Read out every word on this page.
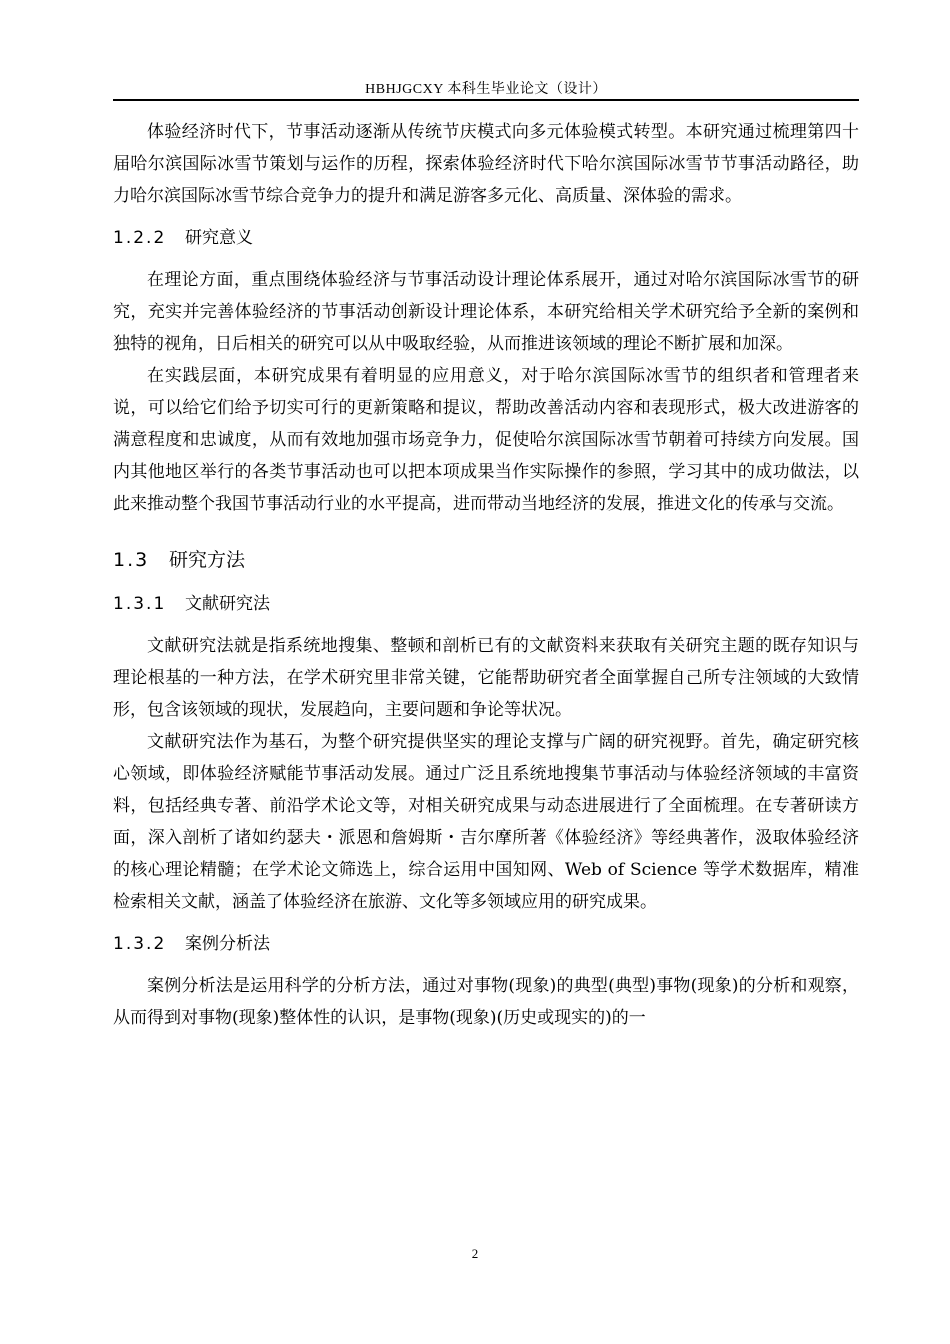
HBHJGCXY 本科生毕业论文（设计）

体验经济时代下，节事活动逐渐从传统节庆模式向多元体验模式转型。本研究通过梳理第四十届哈尔滨国际冰雪节策划与运作的历程，探索体验经济时代下哈尔滨国际冰雪节节事活动路径，助力哈尔滨国际冰雪节综合竞争力的提升和满足游客多元化、高质量、深体验的需求。

1.2.2 研究意义

在理论方面，重点围绕体验经济与节事活动设计理论体系展开，通过对哈尔滨国际冰雪节的研究，充实并完善体验经济的节事活动创新设计理论体系，本研究给相关学术研究给予全新的案例和独特的视角，日后相关的研究可以从中吸取经验，从而推进该领域的理论不断扩展和加深。

在实践层面，本研究成果有着明显的应用意义，对于哈尔滨国际冰雪节的组织者和管理者来说，可以给它们给予切实可行的更新策略和提议，帮助改善活动内容和表现形式，极大改进游客的满意程度和忠诚度，从而有效地加强市场竞争力，促使哈尔滨国际冰雪节朝着可持续方向发展。国内其他地区举行的各类节事活动也可以把本项成果当作实际操作的参照，学习其中的成功做法，以此来推动整个我国节事活动行业的水平提高，进而带动当地经济的发展，推进文化的传承与交流。

1.3 研究方法
1.3.1 文献研究法

文献研究法就是指系统地搜集、整顿和剖析已有的文献资料来获取有关研究主题的既存知识与理论根基的一种方法，在学术研究里非常关键，它能帮助研究者全面掌握自己所专注领域的大致情形，包含该领域的现状，发展趋向，主要问题和争论等状况。

文献研究法作为基石，为整个研究提供坚实的理论支撑与广阔的研究视野。首先，确定研究核心领域，即体验经济赋能节事活动发展。通过广泛且系统地搜集节事活动与体验经济领域的丰富资料，包括经典专著、前沿学术论文等，对相关研究成果与动态进展进行了全面梳理。在专著研读方面，深入剖析了诸如约瑟夫・派恩和詹姆斯・吉尔摩所著《体验经济》等经典著作，汲取体验经济的核心理论精髓；在学术论文筛选上，综合运用中国知网、Web of Science 等学术数据库，精准检索相关文献，涵盖了体验经济在旅游、文化等多领域应用的研究成果。

1.3.2 案例分析法

案例分析法是运用科学的分析方法，通过对事物(现象)的典型(典型)事物(现象)的分析和观察，从而得到对事物(现象)整体性的认识，是事物(现象)(历史或现实的)的一

2
